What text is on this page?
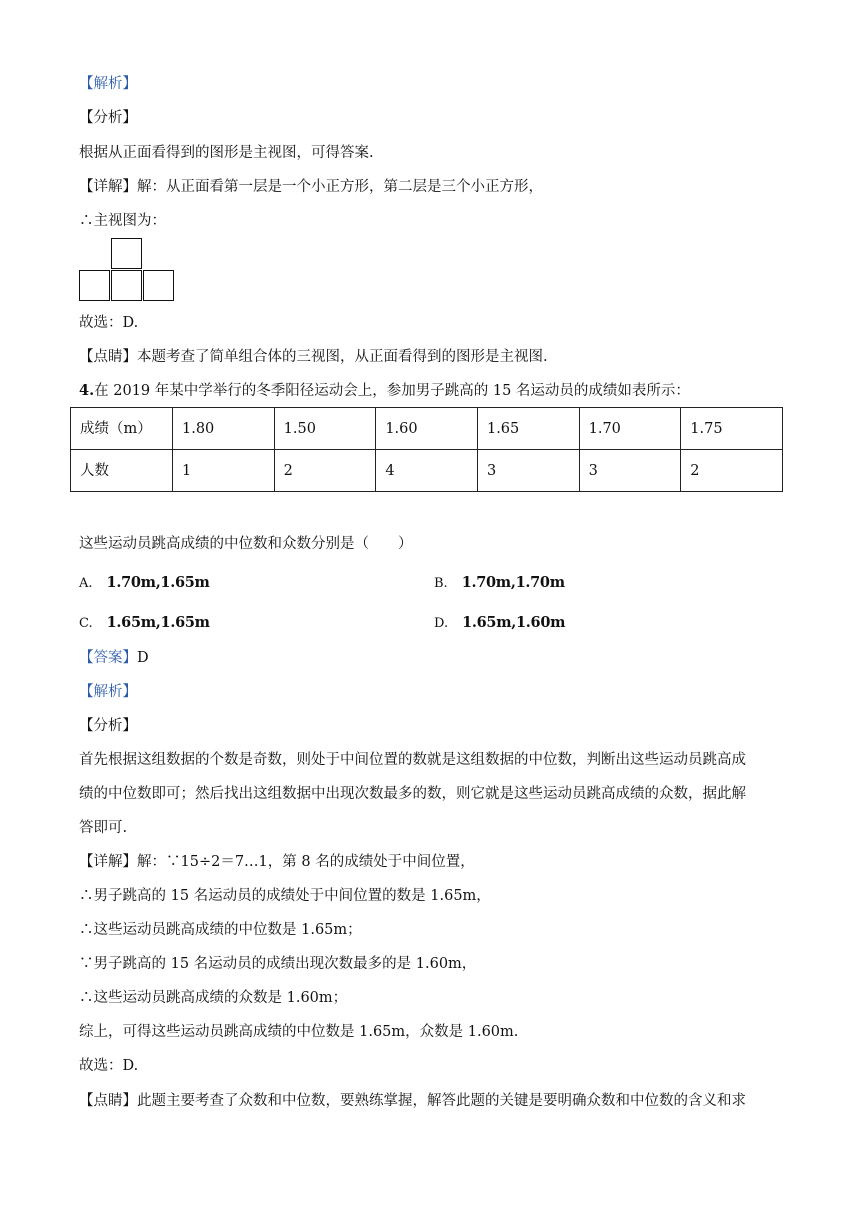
【解析】
【分析】
根据从正面看得到的图形是主视图，可得答案.
【详解】解：从正面看第一层是一个小正方形，第二层是三个小正方形，
∴主视图为：
故选：D.
【点睛】本题考查了简单组合体的三视图，从正面看得到的图形是主视图.
4.在 2019 年某中学举行的冬季阳径运动会上，参加男子跳高的 15 名运动员的成绩如表所示：
成绩（m）	1.80	1.50	1.60	1.65	1.70	1.75
人数	1	2	4	3	3	2
这些运动员跳高成绩的中位数和众数分别是（　　）
A. 1.70m,1.65m	B. 1.70m,1.70m
C. 1.65m,1.65m	D. 1.65m,1.60m
【答案】D
【解析】
【分析】
首先根据这组数据的个数是奇数，则处于中间位置的数就是这组数据的中位数，判断出这些运动员跳高成
绩的中位数即可；然后找出这组数据中出现次数最多的数，则它就是这些运动员跳高成绩的众数，据此解
答即可.
【详解】解：∵15÷2＝7…1，第 8 名的成绩处于中间位置，
∴男子跳高的 15 名运动员的成绩处于中间位置的数是 1.65m，
∴这些运动员跳高成绩的中位数是 1.65m；
∵男子跳高的 15 名运动员的成绩出现次数最多的是 1.60m，
∴这些运动员跳高成绩的众数是 1.60m；
综上，可得这些运动员跳高成绩的中位数是 1.65m，众数是 1.60m.
故选：D.
【点睛】此题主要考查了众数和中位数，要熟练掌握，解答此题的关键是要明确众数和中位数的含义和求
